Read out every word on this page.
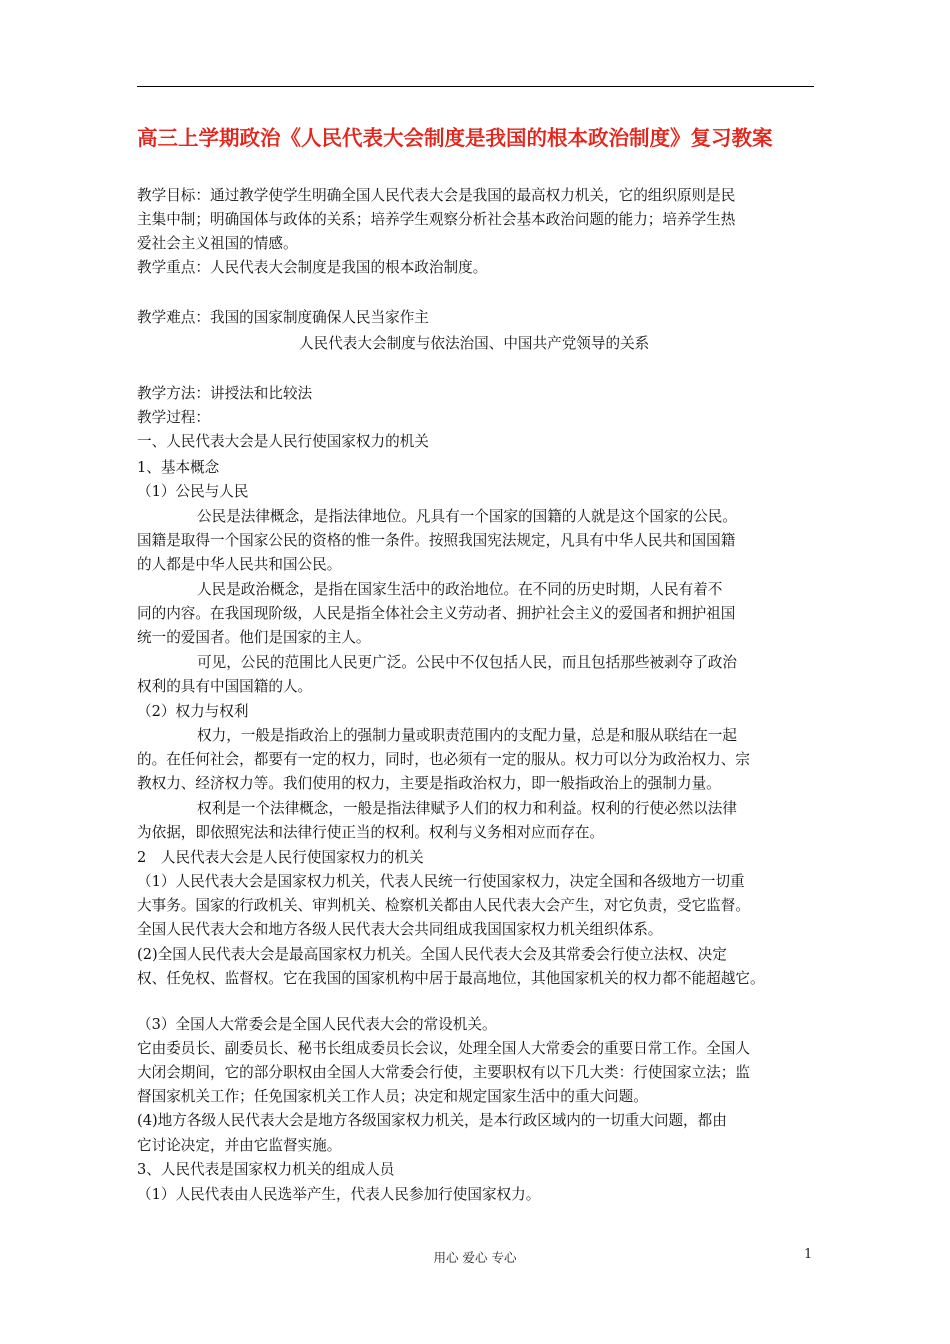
高三上学期政治《人民代表大会制度是我国的根本政治制度》复习教案
教学目标：通过教学使学生明确全国人民代表大会是我国的最高权力机关，它的组织原则是民
主集中制；明确国体与政体的关系；培养学生观察分析社会基本政治问题的能力；培养学生热
爱社会主义祖国的情感。
教学重点：人民代表大会制度是我国的根本政治制度。
教学难点：我国的国家制度确保人民当家作主
人民代表大会制度与依法治国、中国共产党领导的关系
教学方法：讲授法和比较法
教学过程：
一、人民代表大会是人民行使国家权力的机关
1、基本概念
（1）公民与人民
公民是法律概念，是指法律地位。凡具有一个国家的国籍的人就是这个国家的公民。
国籍是取得一个国家公民的资格的惟一条件。按照我国宪法规定，凡具有中华人民共和国国籍
的人都是中华人民共和国公民。
人民是政治概念，是指在国家生活中的政治地位。在不同的历史时期，人民有着不
同的内容。在我国现阶级，人民是指全体社会主义劳动者、拥护社会主义的爱国者和拥护祖国
统一的爱国者。他们是国家的主人。
可见，公民的范围比人民更广泛。公民中不仅包括人民，而且包括那些被剥夺了政治
权利的具有中国国籍的人。
（2）权力与权利
权力，一般是指政治上的强制力量或职责范围内的支配力量，总是和服从联结在一起
的。在任何社会，都要有一定的权力，同时，也必须有一定的服从。权力可以分为政治权力、宗
教权力、经济权力等。我们使用的权力，主要是指政治权力，即一般指政治上的强制力量。
权利是一个法律概念，一般是指法律赋予人们的权力和利益。权利的行使必然以法律
为依据，即依照宪法和法律行使正当的权利。权利与义务相对应而存在。
2　人民代表大会是人民行使国家权力的机关
（1）人民代表大会是国家权力机关，代表人民统一行使国家权力，决定全国和各级地方一切重
大事务。国家的行政机关、审判机关、检察机关都由人民代表大会产生，对它负责，受它监督。
全国人民代表大会和地方各级人民代表大会共同组成我国国家权力机关组织体系。
(2)全国人民代表大会是最高国家权力机关。全国人民代表大会及其常委会行使立法权、决定
权、任免权、监督权。它在我国的国家机构中居于最高地位，其他国家机关的权力都不能超越它。
（3）全国人大常委会是全国人民代表大会的常设机关。
它由委员长、副委员长、秘书长组成委员长会议，处理全国人大常委会的重要日常工作。全国人
大闭会期间，它的部分职权由全国人大常委会行使，主要职权有以下几大类：行使国家立法；监
督国家机关工作；任免国家机关工作人员；决定和规定国家生活中的重大问题。
(4)地方各级人民代表大会是地方各级国家权力机关，是本行政区域内的一切重大问题，都由
它讨论决定，并由它监督实施。
3、人民代表是国家权力机关的组成人员
（1）人民代表由人民选举产生，代表人民参加行使国家权力。
用心 爱心 专心	1
